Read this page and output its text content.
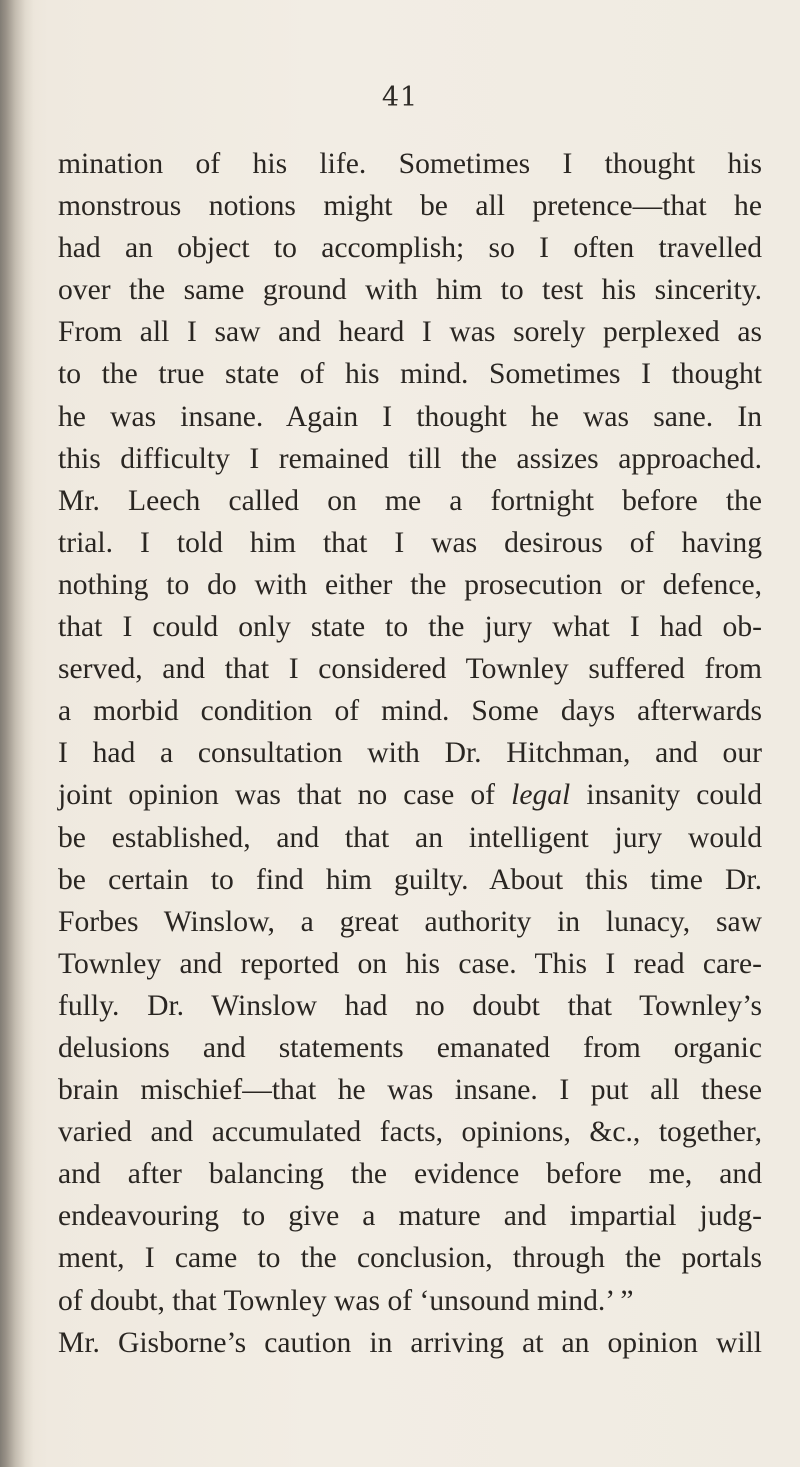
41
mination of his life. Sometimes I thought his
monstrous notions might be all pretence—that he
had an object to accomplish; so I often travelled
over the same ground with him to test his sincerity.
From all I saw and heard I was sorely perplexed as
to the true state of his mind. Sometimes I thought
he was insane. Again I thought he was sane. In
this difficulty I remained till the assizes approached.
Mr. Leech called on me a fortnight before the
trial. I told him that I was desirous of having
nothing to do with either the prosecution or defence,
that I could only state to the jury what I had ob-
served, and that I considered Townley suffered from
a morbid condition of mind. Some days afterwards
I had a consultation with Dr. Hitchman, and our
joint opinion was that no case of legal insanity could
be established, and that an intelligent jury would
be certain to find him guilty. About this time Dr.
Forbes Winslow, a great authority in lunacy, saw
Townley and reported on his case. This I read care-
fully. Dr. Winslow had no doubt that Townley’s
delusions and statements emanated from organic
brain mischief—that he was insane. I put all these
varied and accumulated facts, opinions, &c., together,
and after balancing the evidence before me, and
endeavouring to give a mature and impartial judg-
ment, I came to the conclusion, through the portals
of doubt, that Townley was of ‘unsound mind.’ ”
Mr. Gisborne’s caution in arriving at an opinion will
